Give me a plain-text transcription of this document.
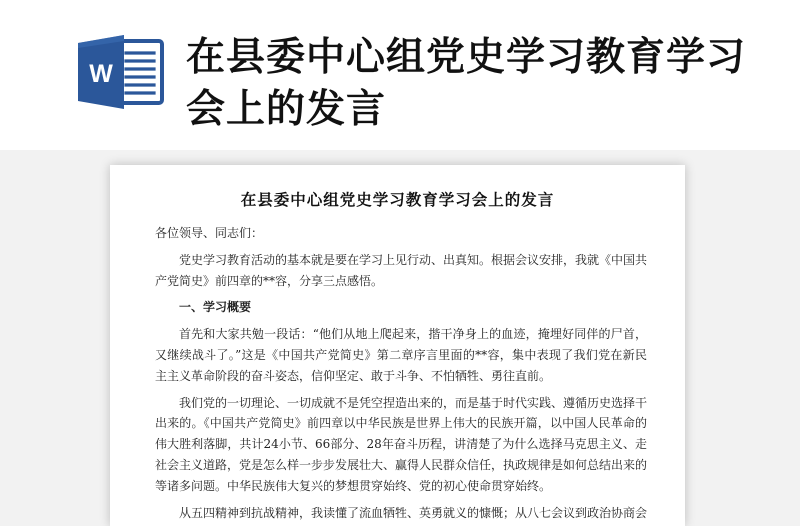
W 在县委中心组党史学习教育学习会上的发言
在县委中心组党史学习教育学习会上的发言

各位领导、同志们：

党史学习教育活动的基本就是要在学习上见行动、出真知。根据会议安排，我就《中国共产党简史》前四章的**容，分享三点感悟。

一、学习概要

首先和大家共勉一段话：“他们从地上爬起来，揩干净身上的血迹，掩埋好同伴的尸首，又继续战斗了。”这是《中国共产党简史》第二章序言里面的**容，集中表现了我们党在新民主主义革命阶段的奋斗姿态，信仰坚定、敢于斗争、不怕牺牲、勇往直前。

我们党的一切理论、一切成就不是凭空捏造出来的，而是基于时代实践、遵循历史选择干出来的。《中国共产党简史》前四章以中华民族是世界上伟大的民族开篇，以中国人民革命的伟大胜利落脚，共计24小节、66部分、28年奋斗历程，讲清楚了为什么选择马克思主义、走社会主义道路，党是怎么样一步步发展壮大、赢得人民群众信任，执政规律是如何总结出来的等诸多问题。中华民族伟大复兴的梦想贯穿始终、党的初心使命贯穿始终。

从五四精神到抗战精神，我读懂了流血牺牲、英勇就义的慷慨；从八七会议到政治协商会
